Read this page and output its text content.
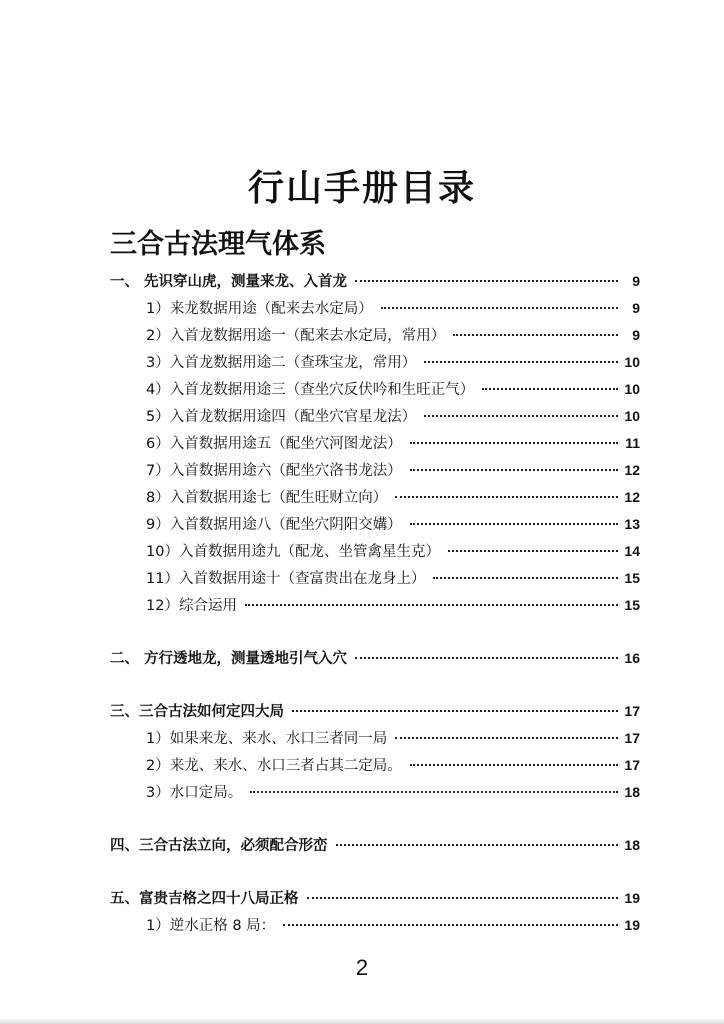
行山手册目录
三合古法理气体系
一、 先识穿山虎，测量来龙、入首龙	9
1）来龙数据用途（配来去水定局）	9
2）入首龙数据用途一（配来去水定局，常用）	9
3）入首龙数据用途二（查珠宝龙，常用）	10
4）入首龙数据用途三（查坐穴反伏吟和生旺正气）	10
5）入首龙数据用途四（配坐穴官星龙法）	10
6）入首数据用途五（配坐穴河图龙法）	11
7）入首数据用途六（配坐穴洛书龙法）	12
8）入首数据用途七（配生旺财立向）	12
9）入首数据用途八（配坐穴阴阳交媾）	13
10）入首数据用途九（配龙、坐管禽星生克）	14
11）入首数据用途十（查富贵出在龙身上）	15
12）综合运用	15
二、 方行透地龙，测量透地引气入穴	16
三、三合古法如何定四大局	17
1）如果来龙、来水、水口三者同一局	17
2）来龙、来水、水口三者占其二定局。	17
3）水口定局。	18
四、三合古法立向，必须配合形峦	18
五、富贵吉格之四十八局正格	19
1）逆水正格 8 局：	19
2
